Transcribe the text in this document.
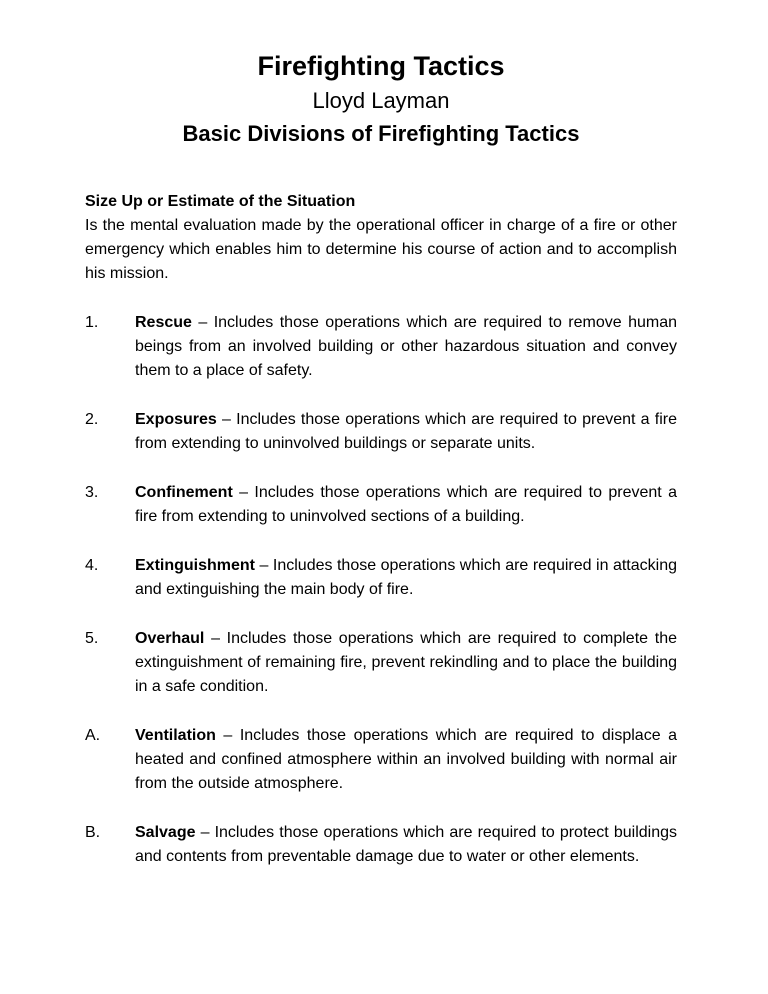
Firefighting Tactics

Lloyd Layman

Basic Divisions of Firefighting Tactics

Size Up or Estimate of the Situation

Is the mental evaluation made by the operational officer in charge of a fire or other emergency which enables him to determine his course of action and to accomplish his mission.

1.	Rescue – Includes those operations which are required to remove human beings from an involved building or other hazardous situation and convey them to a place of safety.
2.	Exposures – Includes those operations which are required to prevent a fire from extending to uninvolved buildings or separate units.
3.	Confinement – Includes those operations which are required to prevent a fire from extending to uninvolved sections of a building.
4.	Extinguishment – Includes those operations which are required in attacking and extinguishing the main body of fire.
5.	Overhaul – Includes those operations which are required to complete the extinguishment of remaining fire, prevent rekindling and to place the building in a safe condition.
A.	Ventilation – Includes those operations which are required to displace a heated and confined atmosphere within an involved building with normal air from the outside atmosphere.
B.	Salvage – Includes those operations which are required to protect buildings and contents from preventable damage due to water or other elements.
